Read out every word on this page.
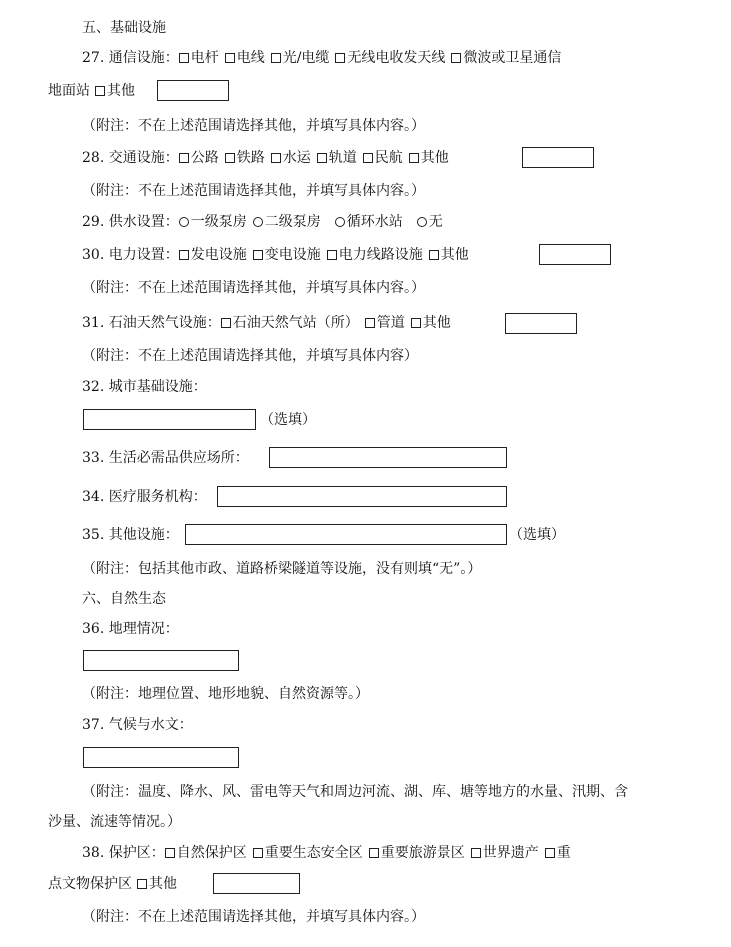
五、基础设施
27. 通信设施： 电杆 电线 光/电缆 无线电收发天线 微波或卫星通信
地面站 其他
（附注：不在上述范围请选择其他，并填写具体内容。）
28. 交通设施： 公路 铁路 水运 轨道 民航 其他
（附注：不在上述范围请选择其他，并填写具体内容。）
29. 供水设置： 一级泵房 二级泵房 循环水站 无
30. 电力设置： 发电设施 变电设施 电力线路设施 其他
（附注：不在上述范围请选择其他，并填写具体内容。）
31. 石油天然气设施： 石油天然气站（所） 管道 其他
（附注：不在上述范围请选择其他，并填写具体内容）
32. 城市基础设施：
（选填）
33. 生活必需品供应场所：
34. 医疗服务机构：
35. 其他设施：	（选填）
（附注：包括其他市政、道路桥梁隧道等设施，没有则填“无”。）
六、自然生态
36. 地理情况：
（附注：地理位置、地形地貌、自然资源等。）
37. 气候与水文：
（附注：温度、降水、风、雷电等天气和周边河流、湖、库、塘等地方的水量、汛期、含
沙量、流速等情况。）
38. 保护区： 自然保护区 重要生态安全区 重要旅游景区 世界遗产 重
点文物保护区 其他
（附注：不在上述范围请选择其他，并填写具体内容。）
